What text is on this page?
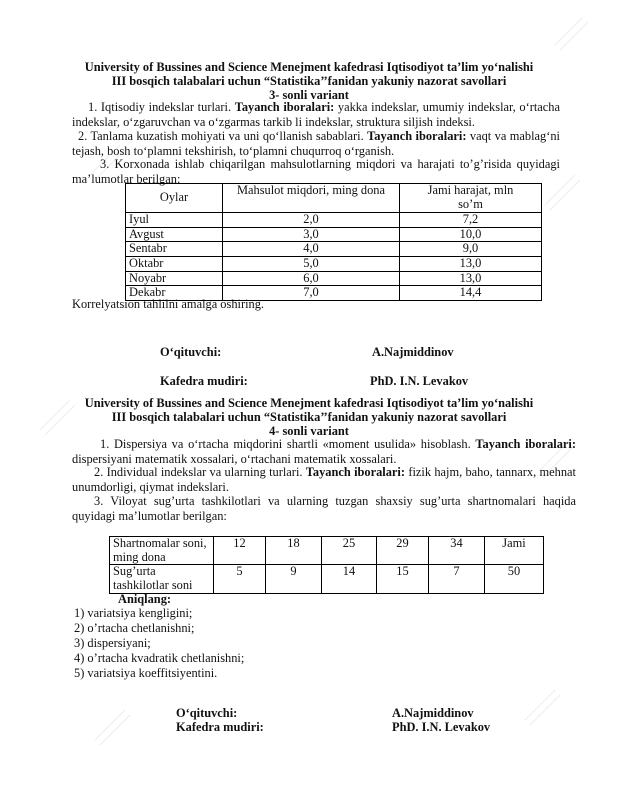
University of Bussines and Science Menejment kafedrasi Iqtisodiyot ta’lim yo‘nalishi
III bosqich talabalari uchun “Statistika’’fanidan yakuniy nazorat savollari
3- sonli variant
1. Iqtisodiy indekslar turlari. Tayanch iboralari: yakka indekslar, umumiy indekslar, o‘rtacha indekslar, o‘zgaruvchan va o‘zgarmas tarkib li indekslar, struktura siljish indeksi.
2. Tanlama kuzatish mohiyati va uni qo‘llanish sabablari. Tayanch iboralari: vaqt va mablag‘ni tejash, bosh to‘plamni tekshirish, to‘plamni chuqurroq o‘rganish.
3. Korxonada ishlab chiqarilgan mahsulotlarning miqdori va harajati to’g’risida quyidagi ma’lumotlar berilgan:
Oylar	Mahsulot miqdori, ming dona	Jami harajat, mln so’m
Iyul	2,0	7,2
Avgust	3,0	10,0
Sentabr	4,0	9,0
Oktabr	5,0	13,0
Noyabr	6,0	13,0
Dekabr	7,0	14,4
Korrelyatsion tahlilni amalga oshiring.
O‘qituvchi:	A.Najmiddinov
Kafedra mudiri:	PhD. I.N. Levakov
University of Bussines and Science Menejment kafedrasi Iqtisodiyot ta’lim yo‘nalishi
III bosqich talabalari uchun “Statistika’’fanidan yakuniy nazorat savollari
4- sonli variant
1. Dispersiya va o‘rtacha miqdorini shartli «moment usulida» hisoblash. Tayanch iboralari: dispersiyani matematik xossalari, o‘rtachani matematik xossalari.
2. Individual indekslar va ularning turlari. Tayanch iboralari: fizik hajm, baho, tannarx, mehnat unumdorligi, qiymat indekslari.
3. Viloyat sug’urta tashkilotlari va ularning tuzgan shaxsiy sug’urta shartnomalari haqida quyidagi ma’lumotlar berilgan:
Shartnomalar soni, ming dona	12	18	25	29	34	Jami
Sug’urta tashkilotlar soni	5	9	14	15	7	50
Aniqlang:
1) variatsiya kengligini;
2) o’rtacha chetlanishni;
3) dispersiyani;
4) o’rtacha kvadratik chetlanishni;
5) variatsiya koeffitsiyentini.
O‘qituvchi:	A.Najmiddinov
Kafedra mudiri:	PhD. I.N. Levakov
